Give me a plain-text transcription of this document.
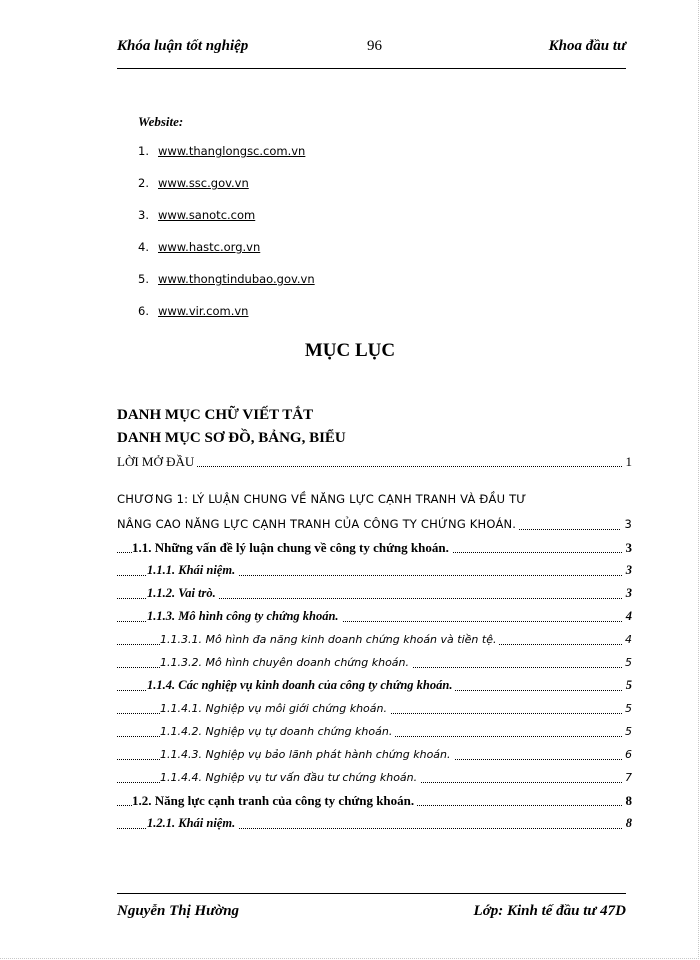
Khóa luận tốt nghiệp	96	Khoa đầu tư
Website:
1. www.thanglongsc.com.vn
2. www.ssc.gov.vn
3. www.sanotc.com
4. www.hastc.org.vn
5. www.thongtindubao.gov.vn
6. www.vir.com.vn
MỤC LỤC
DANH MỤC CHỮ VIẾT TẮT
DANH MỤC SƠ ĐỒ, BẢNG, BIỂU
LỜI MỞ ĐẦU	1
CHƯƠNG 1: LÝ LUẬN CHUNG VỀ NĂNG LỰC CẠNH TRANH VÀ ĐẦU TƯ
NÂNG CAO NĂNG LỰC CẠNH TRANH CỦA CÔNG TY CHỨNG KHOÁN.	3
1.1. Những vấn đề lý luận chung về công ty chứng khoán.	3
1.1.1. Khái niệm.	3
1.1.2. Vai trò.	3
1.1.3. Mô hình công ty chứng khoán.	4
1.1.3.1. Mô hình đa năng kinh doanh chứng khoán và tiền tệ.	4
1.1.3.2. Mô hình chuyên doanh chứng khoán.	5
1.1.4. Các nghiệp vụ kinh doanh của công ty chứng khoán.	5
1.1.4.1. Nghiệp vụ môi giới chứng khoán.	5
1.1.4.2. Nghiệp vụ tự doanh chứng khoán.	5
1.1.4.3. Nghiệp vụ bảo lãnh phát hành chứng khoán.	6
1.1.4.4. Nghiệp vụ tư vấn đầu tư chứng khoán.	7
1.2. Năng lực cạnh tranh của công ty chứng khoán.	8
1.2.1. Khái niệm.	8
Nguyễn Thị Hường	Lớp: Kinh tế đầu tư 47D
